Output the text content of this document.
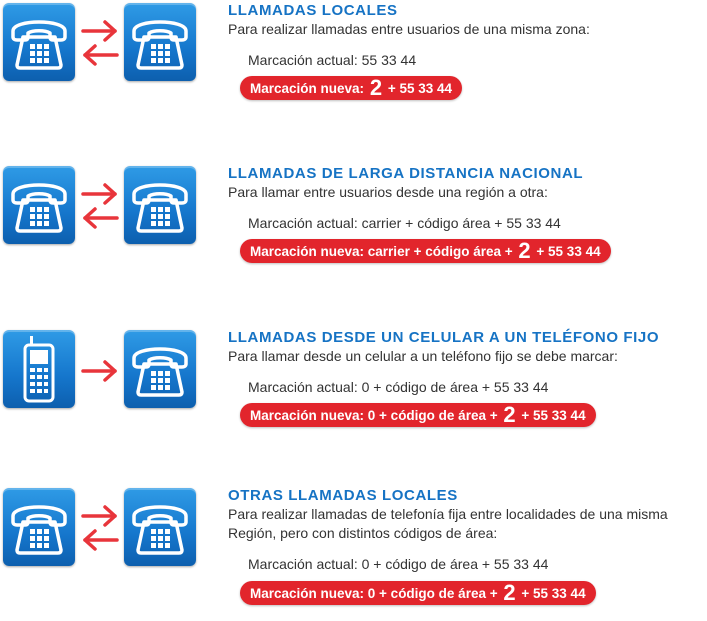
LLAMADAS LOCALES

Para realizar llamadas entre usuarios de una misma zona:

Marcación actual: 55 33 44

Marcación nueva: 2 + 55 33 44

LLAMADAS DE LARGA DISTANCIA NACIONAL

Para llamar entre usuarios desde una región a otra:

Marcación actual: carrier + código área + 55 33 44

Marcación nueva: carrier + código área + 2 + 55 33 44

LLAMADAS DESDE UN CELULAR A UN TELÉFONO FIJO

Para llamar desde un celular a un teléfono fijo se debe marcar:

Marcación actual: 0 + código de área + 55 33 44

Marcación nueva: 0 + código de área + 2 + 55 33 44

OTRAS LLAMADAS LOCALES

Para realizar llamadas de telefonía fija entre localidades de una misma Región, pero con distintos códigos de área:

Marcación actual: 0 + código de área + 55 33 44

Marcación nueva: 0 + código de área + 2 + 55 33 44
